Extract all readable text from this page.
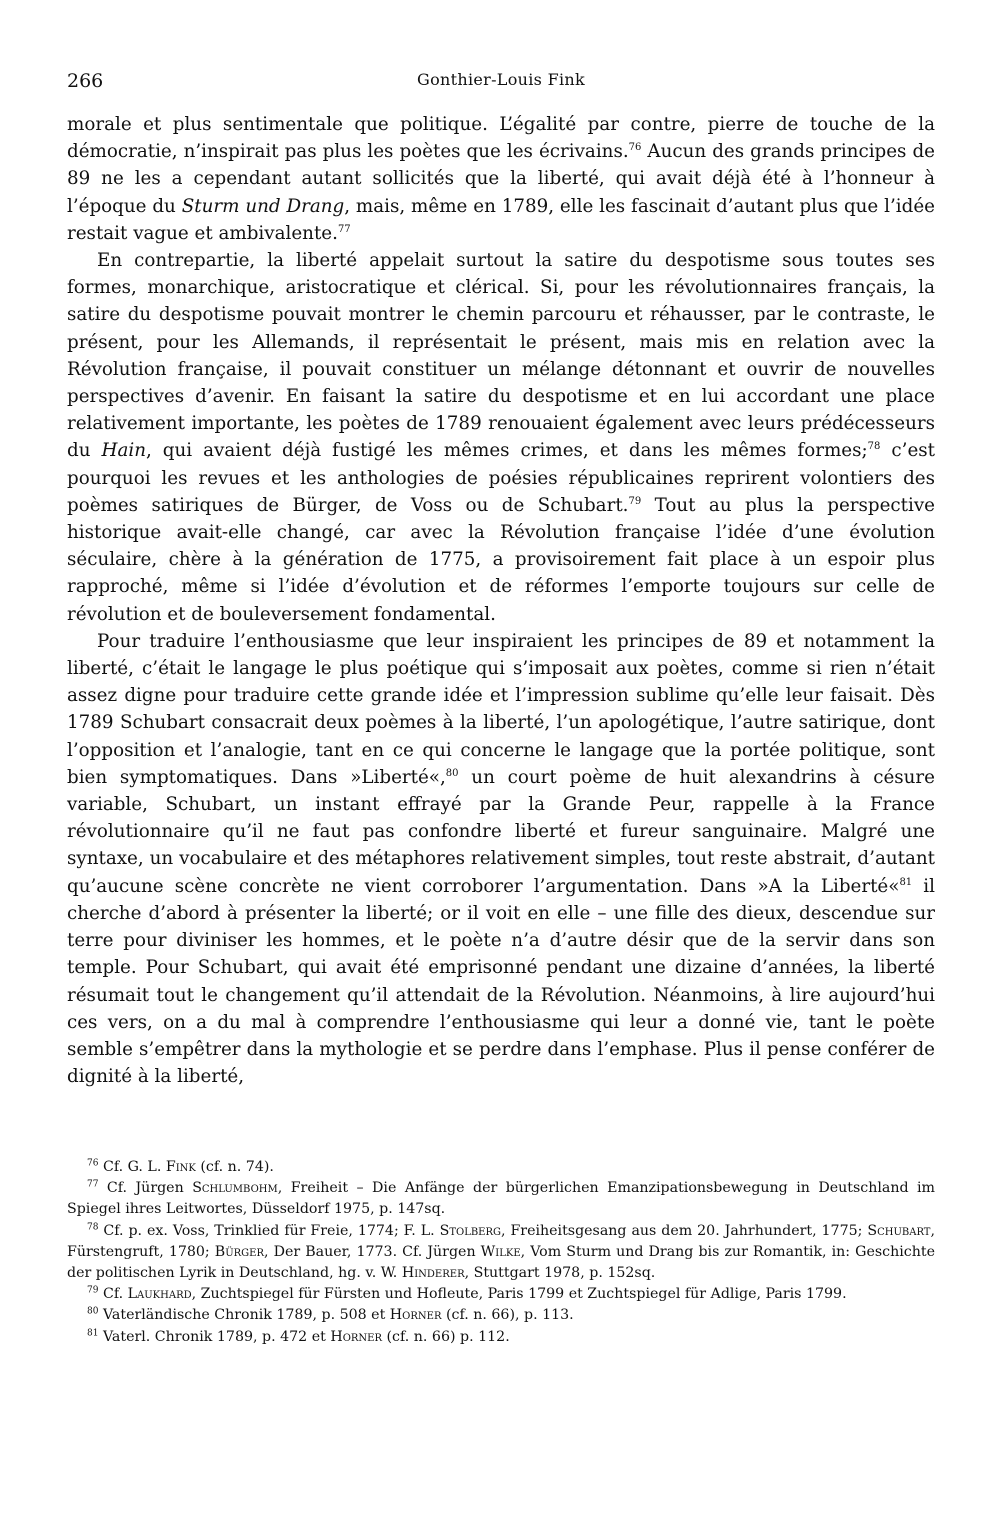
266	Gonthier-Louis Fink

morale et plus sentimentale que politique. L’égalité par contre, pierre de touche de la démocratie, n’inspirait pas plus les poètes que les écrivains.$^{76}$ Aucun des grands principes de 89 ne les a cependant autant sollicités que la liberté, qui avait déjà été à l’honneur à l’époque du Sturm und Drang, mais, même en 1789, elle les fascinait d’autant plus que l’idée restait vague et ambivalente.$^{77}$

En contrepartie, la liberté appelait surtout la satire du despotisme sous toutes ses formes, monarchique, aristocratique et clérical. Si, pour les révolutionnaires français, la satire du despotisme pouvait montrer le chemin parcouru et réhausser, par le contraste, le présent, pour les Allemands, il représentait le présent, mais mis en relation avec la Révolution française, il pouvait constituer un mélange détonnant et ouvrir de nouvelles perspectives d’avenir. En faisant la satire du despotisme et en lui accordant une place relativement importante, les poètes de 1789 renouaient également avec leurs prédécesseurs du Hain, qui avaient déjà fustigé les mêmes crimes, et dans les mêmes formes;$^{78}$ c’est pourquoi les revues et les anthologies de poésies républicaines reprirent volontiers des poèmes satiriques de Bürger, de Voss ou de Schubart.$^{79}$ Tout au plus la perspective historique avait-elle changé, car avec la Révolution française l’idée d’une évolution séculaire, chère à la génération de 1775, a provisoirement fait place à un espoir plus rapproché, même si l’idée d’évolution et de réformes l’emporte toujours sur celle de révolution et de bouleversement fondamental.

Pour traduire l’enthousiasme que leur inspiraient les principes de 89 et notamment la liberté, c’était le langage le plus poétique qui s’imposait aux poètes, comme si rien n’était assez digne pour traduire cette grande idée et l’impression sublime qu’elle leur faisait. Dès 1789 Schubart consacrait deux poèmes à la liberté, l’un apologétique, l’autre satirique, dont l’opposition et l’analogie, tant en ce qui concerne le langage que la portée politique, sont bien symptomatiques. Dans »Liberté«,$^{80}$ un court poème de huit alexandrins à césure variable, Schubart, un instant effrayé par la Grande Peur, rappelle à la France révolutionnaire qu’il ne faut pas confondre liberté et fureur sanguinaire. Malgré une syntaxe, un vocabulaire et des métaphores relativement simples, tout reste abstrait, d’autant qu’aucune scène concrète ne vient corroborer l’argumentation. Dans »A la Liberté«$^{81}$ il cherche d’abord à présenter la liberté; or il voit en elle – une fille des dieux, descendue sur terre pour diviniser les hommes, et le poète n’a d’autre désir que de la servir dans son temple. Pour Schubart, qui avait été emprisonné pendant une dizaine d’années, la liberté résumait tout le changement qu’il attendait de la Révolution. Néanmoins, à lire aujourd’hui ces vers, on a du mal à comprendre l’enthousiasme qui leur a donné vie, tant le poète semble s’empêtrer dans la mythologie et se perdre dans l’emphase. Plus il pense conférer de dignité à la liberté,

$^{76}$ Cf. G. L. Fink (cf. n. 74).

$^{77}$ Cf. Jürgen Schlumbohm, Freiheit – Die Anfänge der bürgerlichen Emanzipationsbewegung in Deutschland im Spiegel ihres Leitwortes, Düsseldorf 1975, p. 147sq.

$^{78}$ Cf. p. ex. Voss, Trinklied für Freie, 1774; F. L. Stolberg, Freiheitsgesang aus dem 20. Jahrhundert, 1775; Schubart, Fürstengruft, 1780; Bürger, Der Bauer, 1773. Cf. Jürgen Wilke, Vom Sturm und Drang bis zur Romantik, in: Geschichte der politischen Lyrik in Deutschland, hg. v. W. Hinderer, Stuttgart 1978, p. 152sq.

$^{79}$ Cf. Laukhard, Zuchtspiegel für Fürsten und Hofleute, Paris 1799 et Zuchtspiegel für Adlige, Paris 1799.

$^{80}$ Vaterländische Chronik 1789, p. 508 et Horner (cf. n. 66), p. 113.

$^{81}$ Vaterl. Chronik 1789, p. 472 et Horner (cf. n. 66) p. 112.
